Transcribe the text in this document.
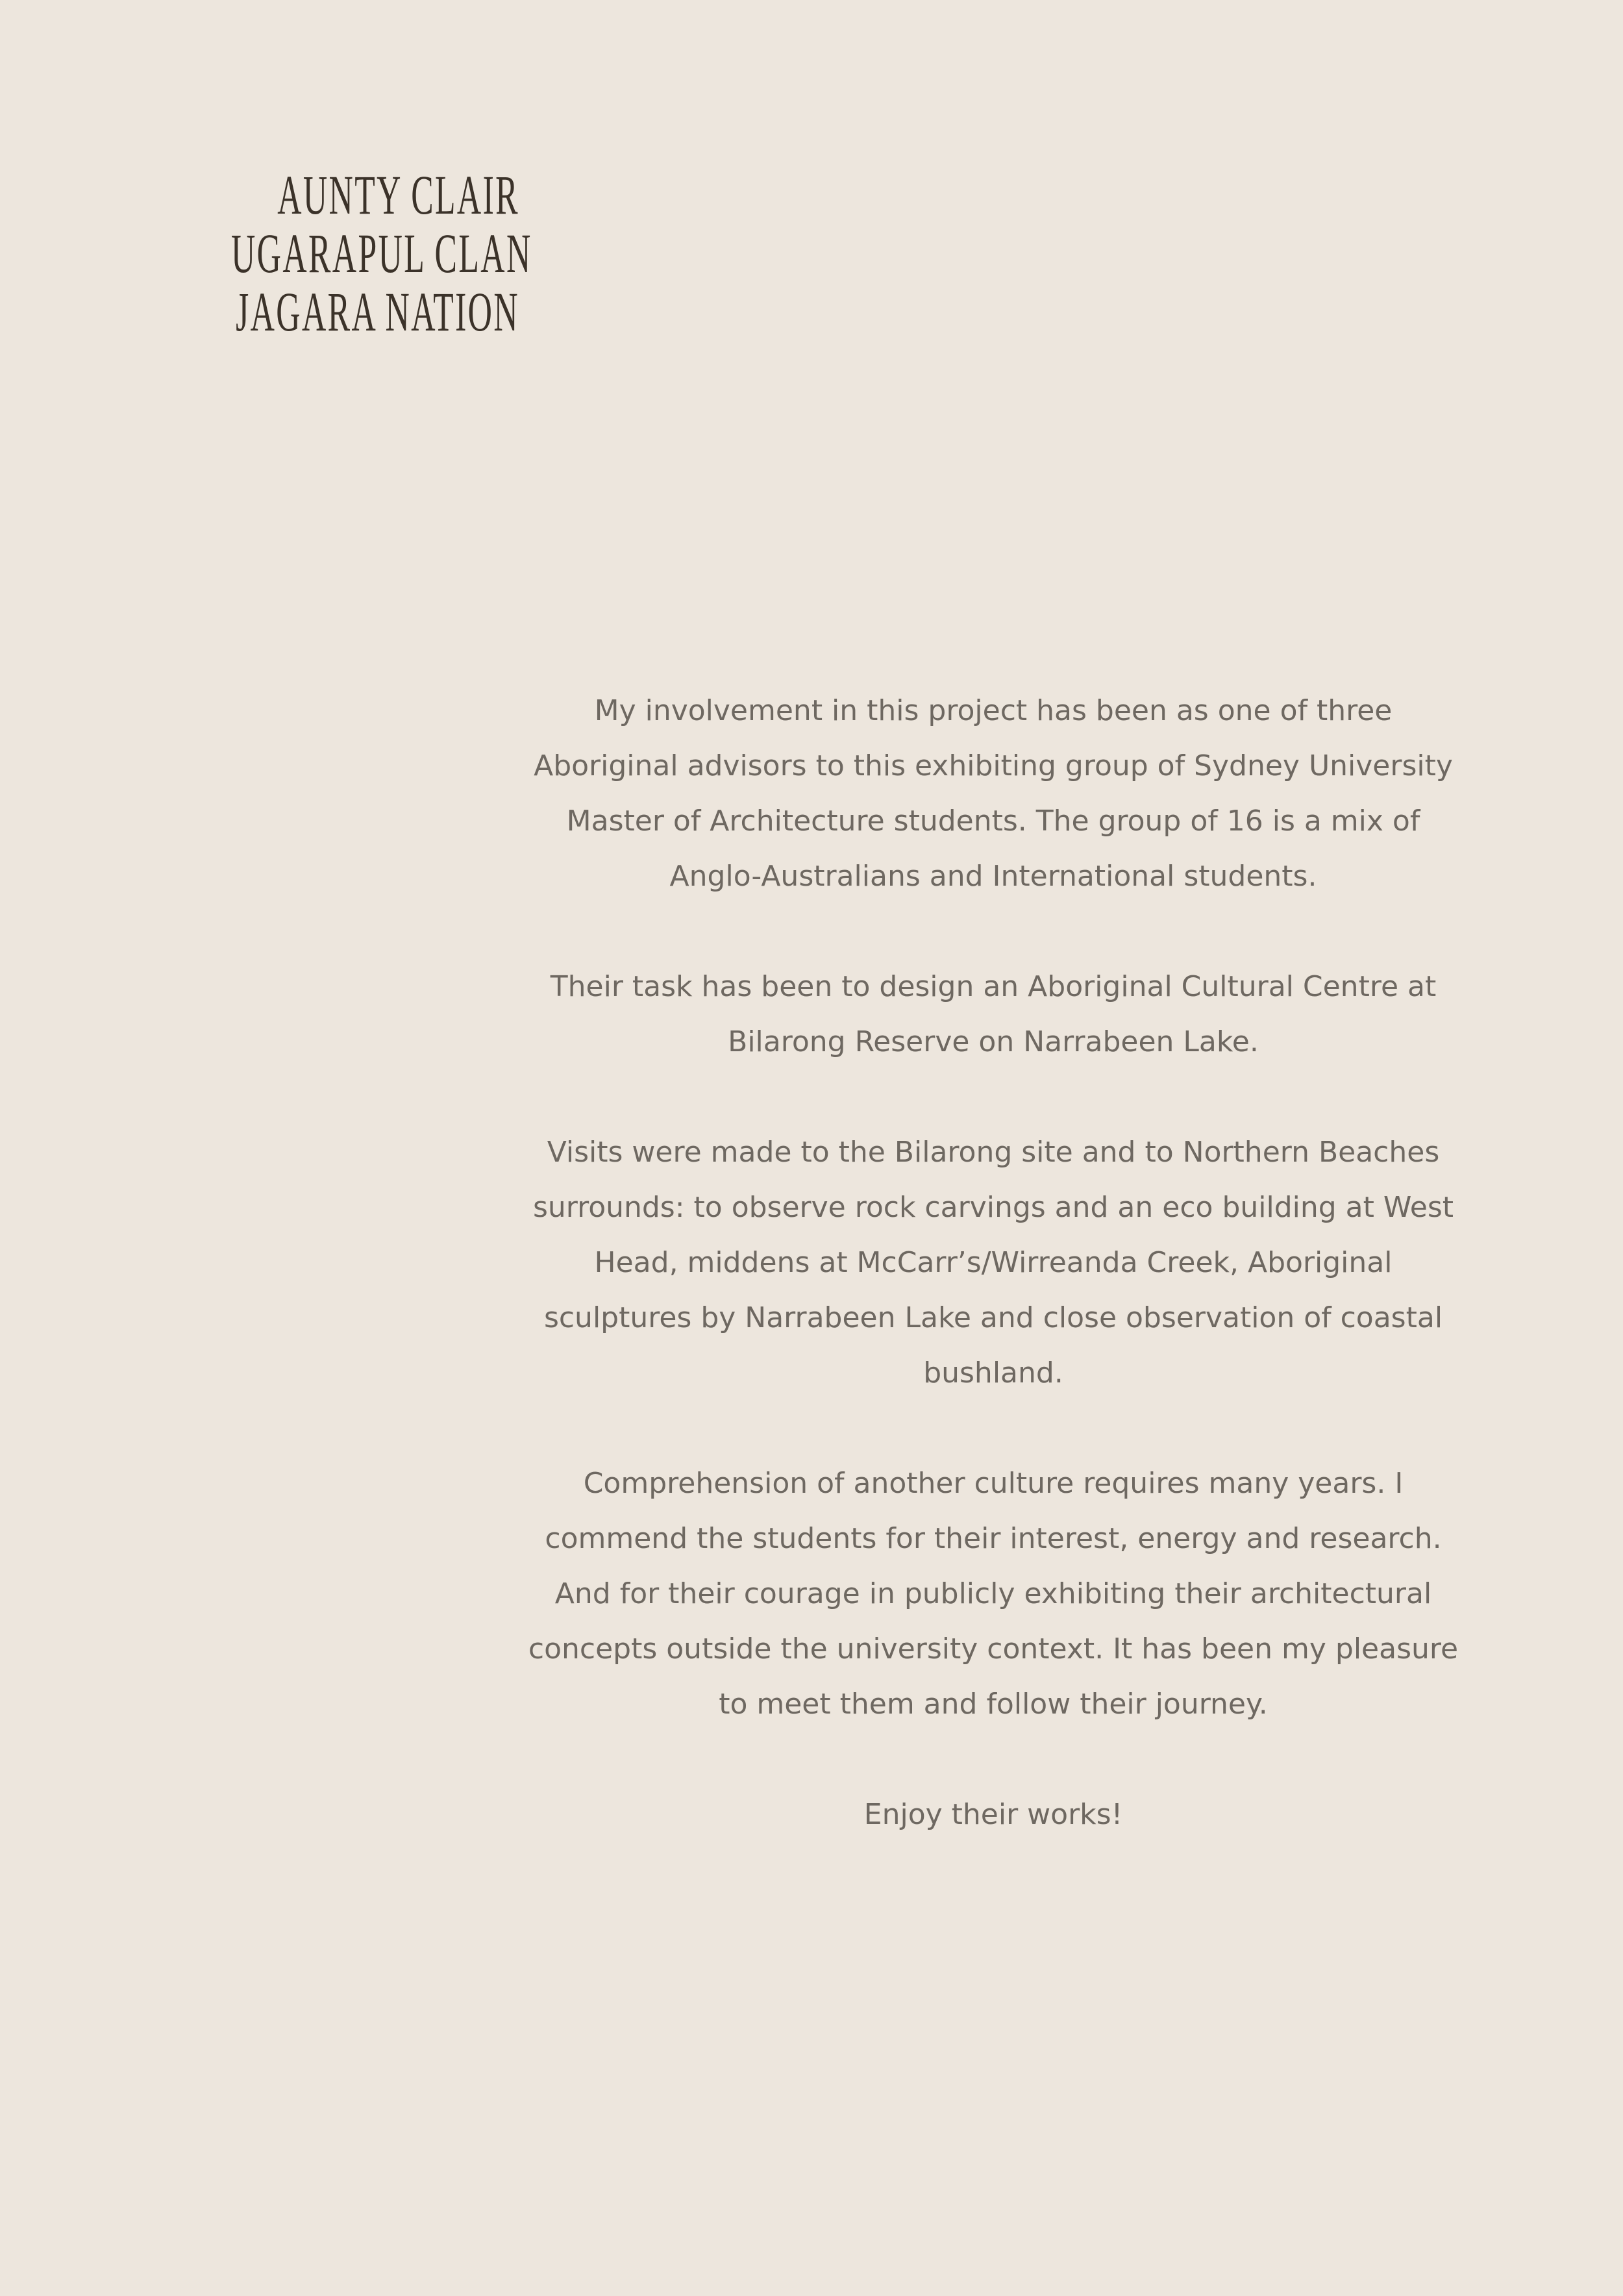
AUNTY CLAIR
UGARAPUL CLAN
JAGARA NATION

My involvement in this project has been as one of three Aboriginal advisors to this exhibiting group of Sydney University Master of Architecture students. The group of 16 is a mix of Anglo-Australians and International students.

Their task has been to design an Aboriginal Cultural Centre at Bilarong Reserve on Narrabeen Lake.

Visits were made to the Bilarong site and to Northern Beaches surrounds: to observe rock carvings and an eco building at West Head, middens at McCarr’s/Wirreanda Creek, Aboriginal sculptures by Narrabeen Lake and close observation of coastal bushland.

Comprehension of another culture requires many years. I commend the students for their interest, energy and research. And for their courage in publicly exhibiting their architectural concepts outside the university context. It has been my pleasure to meet them and follow their journey.

Enjoy their works!
